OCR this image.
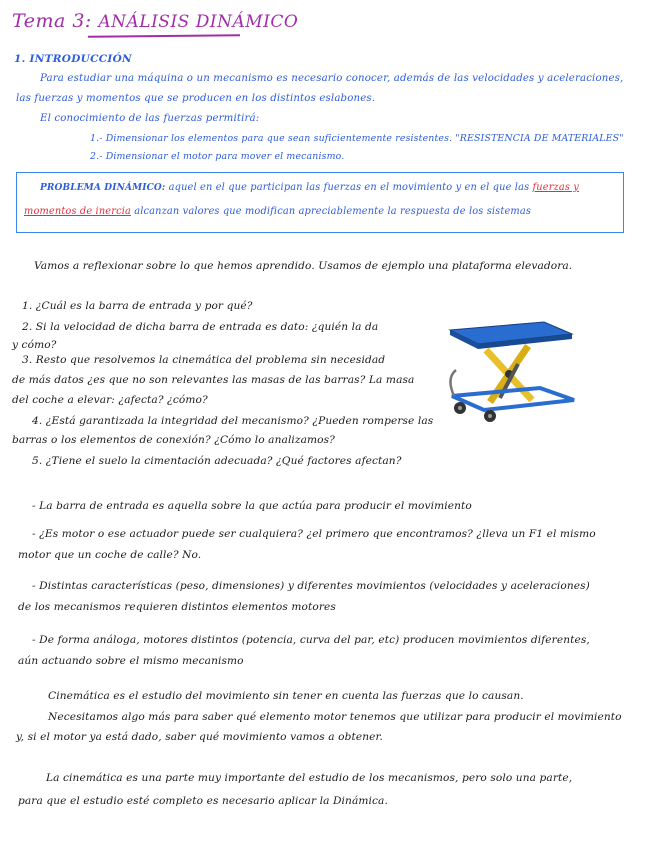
Tema 3: ANÁLISIS DINÁMICO
1. INTRODUCCIÓN
Para estudiar una máquina o un mecanismo es necesario conocer, además de las velocidades y aceleraciones,
las fuerzas y momentos que se producen en los distintos eslabones.
El conocimiento de las fuerzas permitirá:
1.- Dimensionar los elementos para que sean suficientemente resistentes. "RESISTENCIA DE MATERIALES"
2.- Dimensionar el motor para mover el mecanismo.
PROBLEMA DINÁMICO: aquel en el que participan las fuerzas en el movimiento y en el que las fuerzas y
momentos de inercia alcanzan valores que modifican apreciablemente la respuesta de los sistemas
Vamos a reflexionar sobre lo que hemos aprendido. Usamos de ejemplo una plataforma elevadora.
1. ¿Cuál es la barra de entrada y por qué?
2. Si la velocidad de dicha barra de entrada es dato: ¿quién la da
y cómo?
3. Resto que resolvemos la cinemática del problema sin necesidad
de más datos ¿es que no son relevantes las masas de las barras? La masa
del coche a elevar: ¿afecta? ¿cómo?
4. ¿Está garantizada la integridad del mecanismo? ¿Pueden romperse las
barras o los elementos de conexión? ¿Cómo lo analizamos?
5. ¿Tiene el suelo la cimentación adecuada? ¿Qué factores afectan?
- La barra de entrada es aquella sobre la que actúa para producir el movimiento
- ¿Es motor o ese actuador puede ser cualquiera? ¿el primero que encontramos? ¿lleva un F1 el mismo
motor que un coche de calle? No.
- Distintas características (peso, dimensiones) y diferentes movimientos (velocidades y aceleraciones)
de los mecanismos requieren distintos elementos motores
- De forma análoga, motores distintos (potencia, curva del par, etc) producen movimientos diferentes,
aún actuando sobre el mismo mecanismo
Cinemática es el estudio del movimiento sin tener en cuenta las fuerzas que lo causan.
Necesitamos algo más para saber qué elemento motor tenemos que utilizar para producir el movimiento
y, si el motor ya está dado, saber qué movimiento vamos a obtener.
La cinemática es una parte muy importante del estudio de los mecanismos, pero solo una parte,
para que el estudio esté completo es necesario aplicar la Dinámica.
